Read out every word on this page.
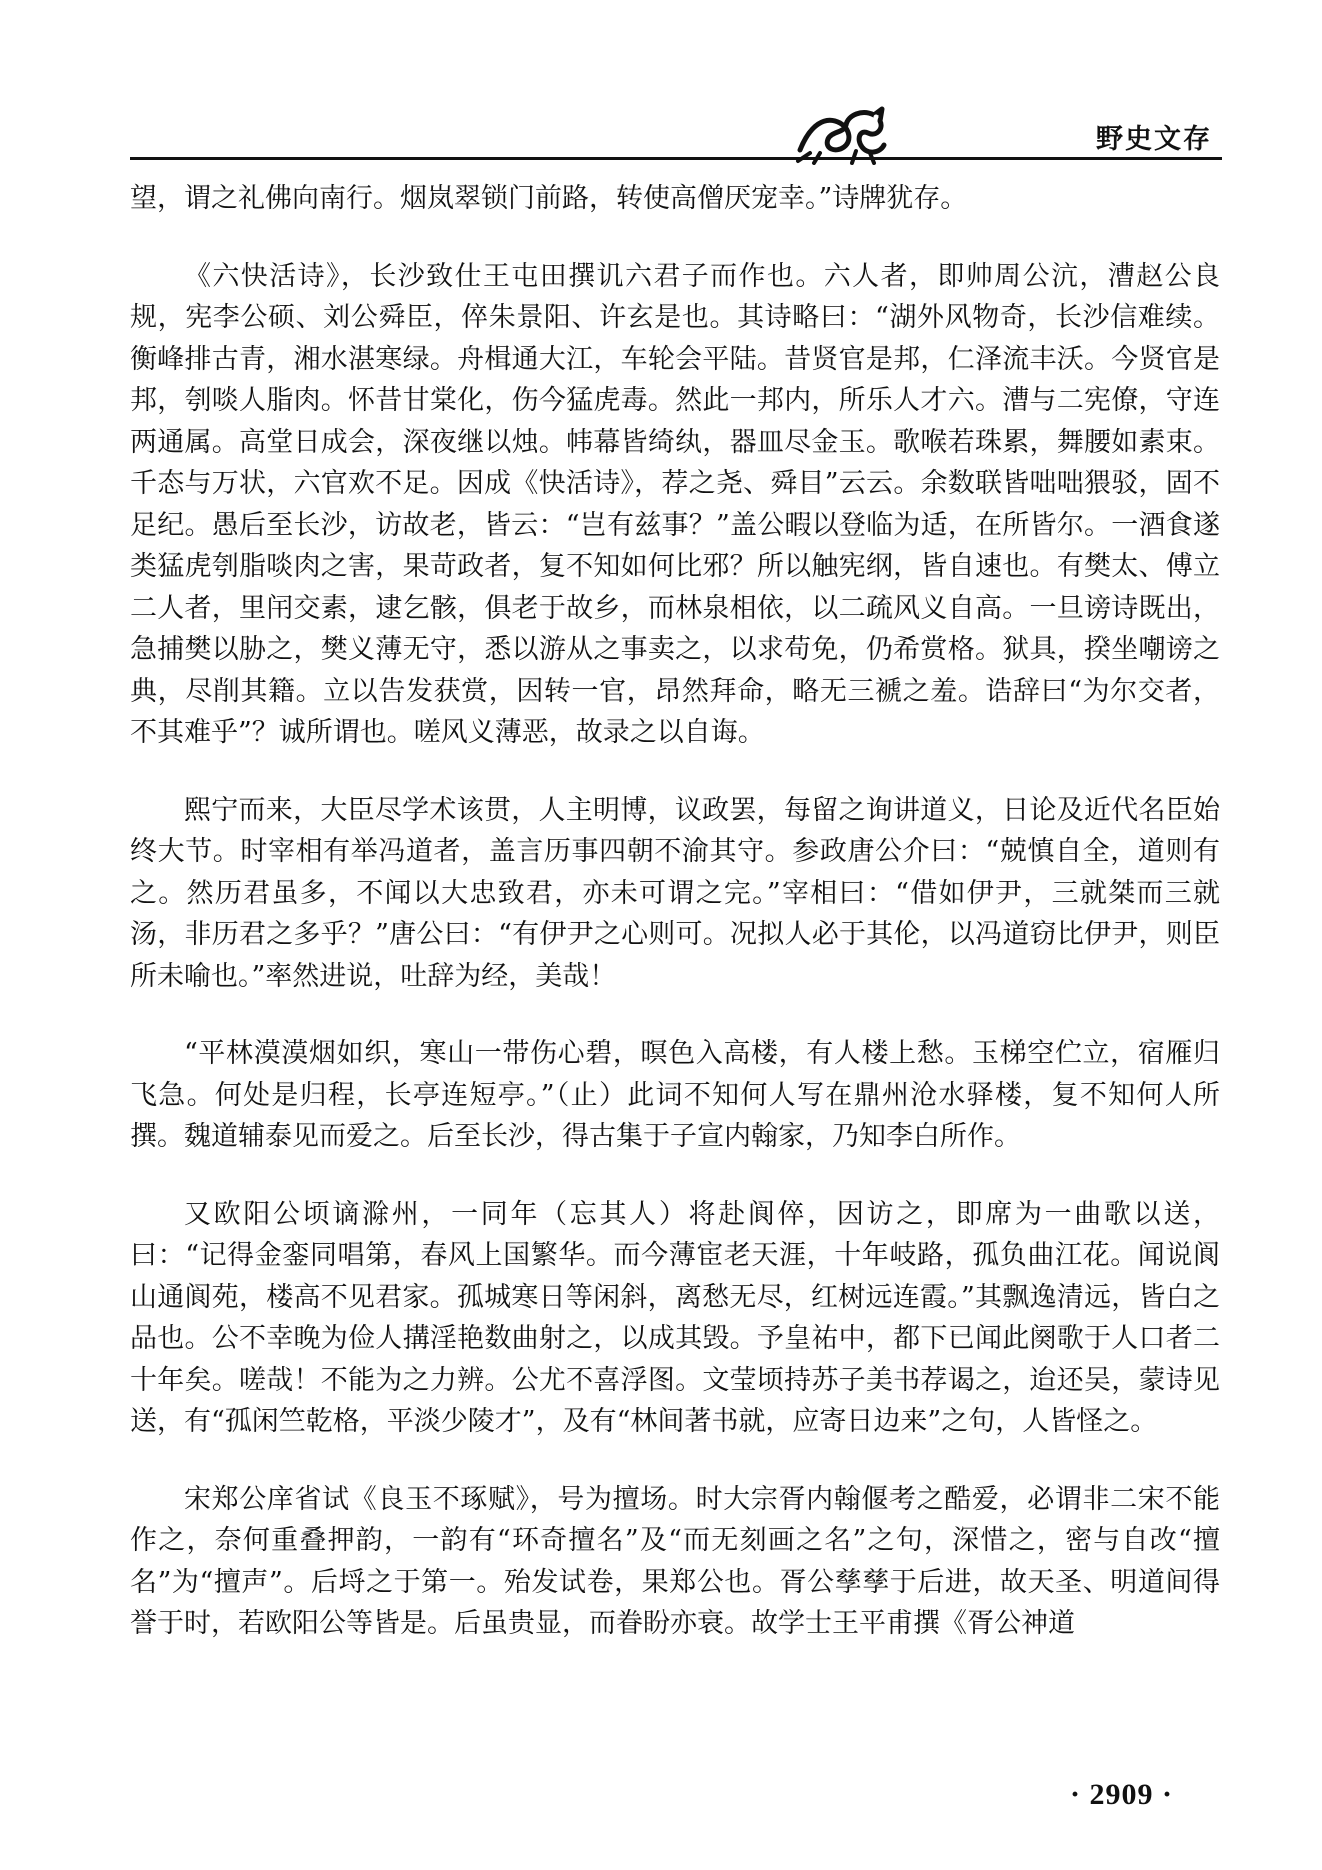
野史文存

望，谓之礼佛向南行。烟岚翠锁门前路，转使高僧厌宠幸。”诗牌犹存。

《六快活诗》，长沙致仕王屯田撰讥六君子而作也。六人者，即帅周公沆，漕赵公良规，宪李公硕、刘公舜臣，倅朱景阳、许玄是也。其诗略曰：“湖外风物奇，长沙信难续。衡峰排古青，湘水湛寒绿。舟楫通大江，车轮会平陆。昔贤官是邦，仁泽流丰沃。今贤官是邦，刳啖人脂肉。怀昔甘棠化，伤今猛虎毒。然此一邦内，所乐人才六。漕与二宪僚，守连两通属。高堂日成会，深夜继以烛。帏幕皆绮纨，器皿尽金玉。歌喉若珠累，舞腰如素束。千态与万状，六官欢不足。因成《快活诗》，荐之尧、舜目”云云。余数联皆咄咄猥驳，固不足纪。愚后至长沙，访故老，皆云：“岂有兹事？”盖公暇以登临为适，在所皆尔。一酒食遂类猛虎刳脂啖肉之害，果苛政者，复不知如何比邪？所以触宪纲，皆自速也。有樊太、傅立二人者，里闬交素，逮乞骸，俱老于故乡，而林泉相依，以二疏风义自高。一旦谤诗既出，急捕樊以胁之，樊义薄无守，悉以游从之事卖之，以求苟免，仍希赏格。狱具，揆坐嘲谤之典，尽削其籍。立以告发获赏，因转一官，昂然拜命，略无三褫之羞。诰辞曰“为尔交者，不其难乎”？诚所谓也。嗟风义薄恶，故录之以自诲。

熙宁而来，大臣尽学术该贯，人主明博，议政罢，每留之询讲道义，日论及近代名臣始终大节。时宰相有举冯道者，盖言历事四朝不渝其守。参政唐公介曰：“兢慎自全，道则有之。然历君虽多，不闻以大忠致君，亦未可谓之完。”宰相曰：“借如伊尹，三就桀而三就汤，非历君之多乎？”唐公曰：“有伊尹之心则可。况拟人必于其伦，以冯道窃比伊尹，则臣所未喻也。”率然进说，吐辞为经，美哉！

“平林漠漠烟如织，寒山一带伤心碧，暝色入高楼，有人楼上愁。玉梯空伫立，宿雁归飞急。何处是归程，长亭连短亭。”（止）此词不知何人写在鼎州沧水驿楼，复不知何人所撰。魏道辅泰见而爱之。后至长沙，得古集于子宣内翰家，乃知李白所作。

又欧阳公顷谪滁州，一同年（忘其人）将赴阆倅，因访之，即席为一曲歌以送，曰：“记得金銮同唱第，春风上国繁华。而今薄宦老天涯，十年岐路，孤负曲江花。闻说阆山通阆苑，楼高不见君家。孤城寒日等闲斜，离愁无尽，红树远连霞。”其飘逸清远，皆白之品也。公不幸晚为俭人搆淫艳数曲射之，以成其毁。予皇祐中，都下已闻此阕歌于人口者二十年矣。嗟哉！不能为之力辨。公尤不喜浮图。文莹顷持苏子美书荐谒之，迨还吴，蒙诗见送，有“孤闲竺乾格，平淡少陵才”，及有“林间著书就，应寄日边来”之句，人皆怪之。

宋郑公庠省试《良玉不琢赋》，号为擅场。时大宗胥内翰偃考之酷爱，必谓非二宋不能作之，奈何重叠押韵，一韵有“环奇擅名”及“而无刻画之名”之句，深惜之，密与自改“擅名”为“擅声”。后埒之于第一。殆发试卷，果郑公也。胥公孳孳于后进，故天圣、明道间得誉于时，若欧阳公等皆是。后虽贵显，而眷盼亦衰。故学士王平甫撰《胥公神道

· 2909 ·
